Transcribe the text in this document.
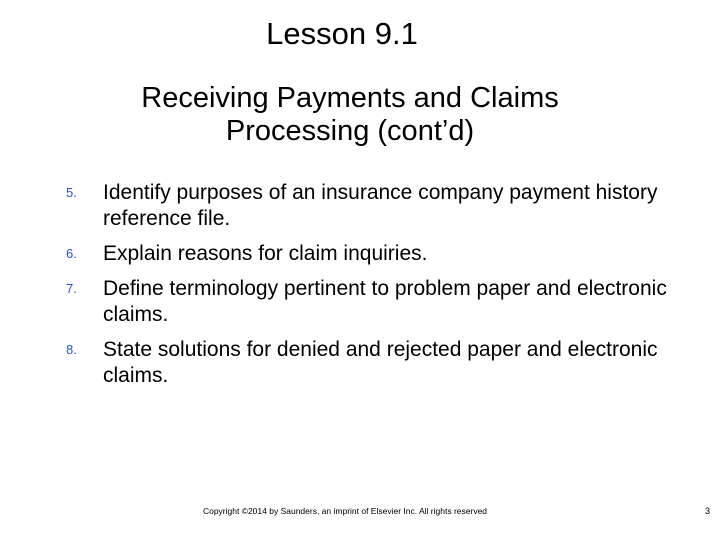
Lesson 9.1
Receiving Payments and Claims
Processing (cont’d)
5. Identify purposes of an insurance company payment history reference file.
6. Explain reasons for claim inquiries.
7. Define terminology pertinent to problem paper and electronic claims.
8. State solutions for denied and rejected paper and electronic claims.
Copyright ©2014 by Saunders, an imprint of Elsevier Inc. All rights reserved	3
